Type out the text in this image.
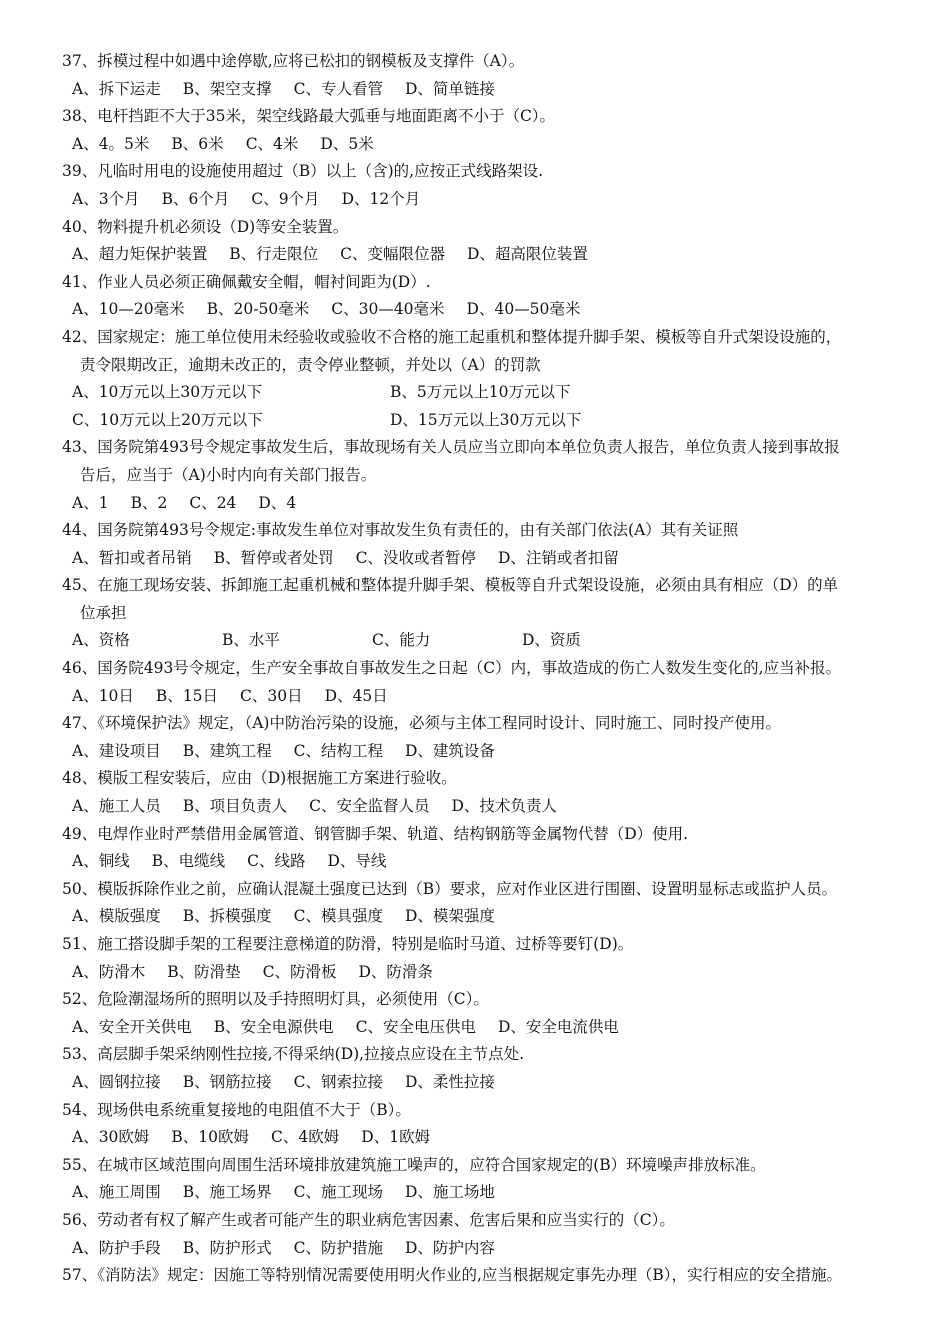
37、拆模过程中如遇中途停歇,应将已松扣的钢模板及支撑件（A）。
A、拆下运走 B、架空支撑 C、专人看管 D、简单链接
38、电杆挡距不大于35米，架空线路最大弧垂与地面距离不小于（C）。
A、4。5米 B、6米 C、4米 D、5米
39、凡临时用电的设施使用超过（B）以上（含)的,应按正式线路架设.
A、3个月 B、6个月 C、9个月 D、12个月
40、物料提升机必须设（D)等安全装置。
A、超力矩保护装置 B、行走限位 C、变幅限位器 D、超高限位装置
41、作业人员必须正确佩戴安全帽，帽衬间距为(D）.
A、10—20毫米 B、20-50毫米 C、30—40毫米 D、40—50毫米
42、国家规定：施工单位使用未经验收或验收不合格的施工起重机和整体提升脚手架、模板等自升式架设设施的，
责令限期改正，逾期未改正的，责令停业整顿，并处以（A）的罚款
A、10万元以上30万元以下	B、5万元以上10万元以下
C、10万元以上20万元以下	D、15万元以上30万元以下
43、国务院第493号令规定事故发生后，事故现场有关人员应当立即向本单位负责人报告，单位负责人接到事故报
告后，应当于（A)小时内向有关部门报告。
A、1 B、2 C、24 D、4
44、国务院第493号令规定:事故发生单位对事故发生负有责任的，由有关部门依法(A）其有关证照
A、暂扣或者吊销 B、暂停或者处罚 C、没收或者暂停 D、注销或者扣留
45、在施工现场安装、拆卸施工起重机械和整体提升脚手架、模板等自升式架设设施，必须由具有相应（D）的单
位承担
A、资格	B、水平	C、能力	D、资质
46、国务院493号令规定，生产安全事故自事故发生之日起（C）内，事故造成的伤亡人数发生变化的,应当补报。
A、10日 B、15日 C、30日 D、45日
47、《环境保护法》规定，（A)中防治污染的设施，必须与主体工程同时设计、同时施工、同时投产使用。
A、建设项目 B、建筑工程 C、结构工程 D、建筑设备
48、模版工程安装后，应由（D)根据施工方案进行验收。
A、施工人员 B、项目负责人 C、安全监督人员 D、技术负责人
49、电焊作业时严禁借用金属管道、钢管脚手架、轨道、结构钢筋等金属物代替（D）使用.
A、铜线 B、电缆线 C、线路 D、导线
50、模版拆除作业之前，应确认混凝土强度已达到（B）要求，应对作业区进行围圈、设置明显标志或监护人员。
A、模版强度 B、拆模强度 C、模具强度 D、模架强度
51、施工搭设脚手架的工程要注意梯道的防滑，特别是临时马道、过桥等要钉(D)。
A、防滑木 B、防滑垫 C、防滑板 D、防滑条
52、危险潮湿场所的照明以及手持照明灯具，必须使用（C）。
A、安全开关供电 B、安全电源供电 C、安全电压供电 D、安全电流供电
53、高层脚手架采纳刚性拉接,不得采纳(D),拉接点应设在主节点处.
A、圆钢拉接 B、钢筋拉接 C、钢索拉接 D、柔性拉接
54、现场供电系统重复接地的电阻值不大于（B）。
A、30欧姆 B、10欧姆 C、4欧姆 D、1欧姆
55、在城市区域范围向周围生活环境排放建筑施工噪声的，应符合国家规定的(B）环境噪声排放标准。
A、施工周围 B、施工场界 C、施工现场 D、施工场地
56、劳动者有权了解产生或者可能产生的职业病危害因素、危害后果和应当实行的（C）。
A、防护手段 B、防护形式 C、防护措施 D、防护内容
57、《消防法》规定：因施工等特别情况需要使用明火作业的,应当根据规定事先办理（B），实行相应的安全措施。
